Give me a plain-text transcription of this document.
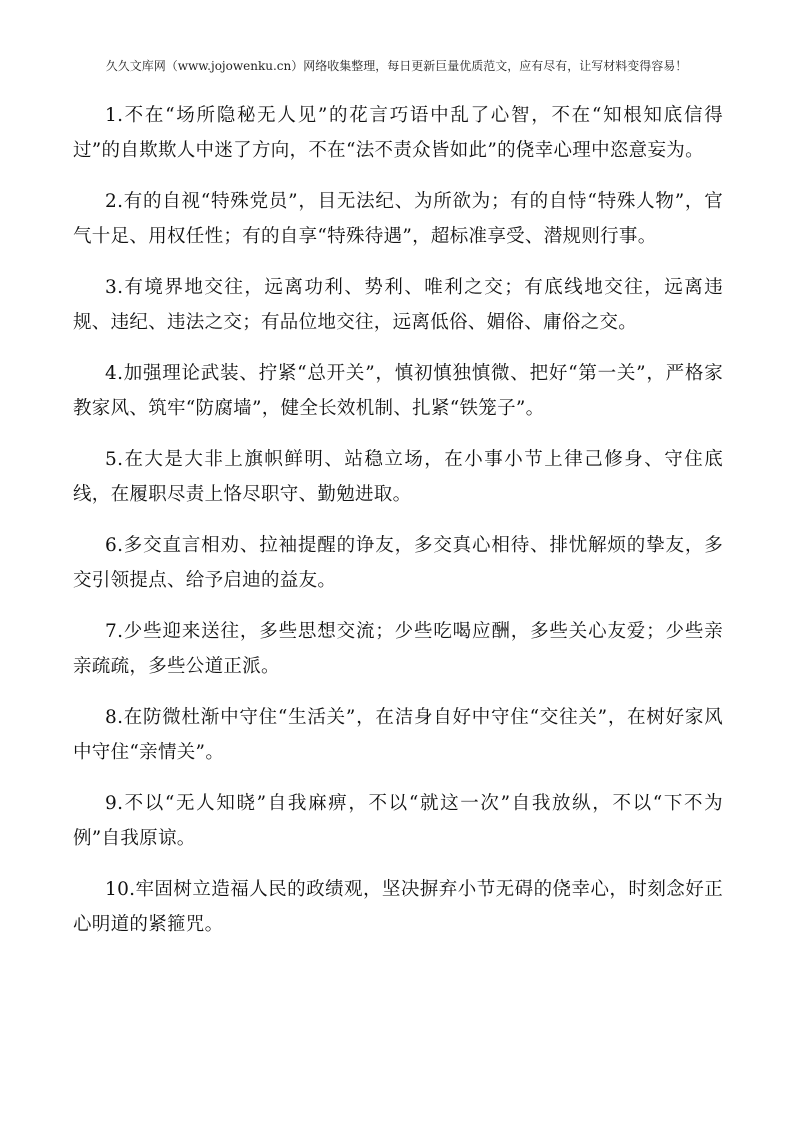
久久文库网（www.jojowenku.cn）网络收集整理，每日更新巨量优质范文，应有尽有，让写材料变得容易！

1.不在“场所隐秘无人见”的花言巧语中乱了心智，不在“知根知底信得过”的自欺欺人中迷了方向，不在“法不责众皆如此”的侥幸心理中恣意妄为。

2.有的自视“特殊党员”，目无法纪、为所欲为；有的自恃“特殊人物”，官气十足、用权任性；有的自享“特殊待遇”，超标准享受、潜规则行事。

3.有境界地交往，远离功利、势利、唯利之交；有底线地交往，远离违规、违纪、违法之交；有品位地交往，远离低俗、媚俗、庸俗之交。

4.加强理论武装、拧紧“总开关”，慎初慎独慎微、把好“第一关”，严格家教家风、筑牢“防腐墙”，健全长效机制、扎紧“铁笼子”。

5.在大是大非上旗帜鲜明、站稳立场，在小事小节上律己修身、守住底线，在履职尽责上恪尽职守、勤勉进取。

6.多交直言相劝、拉袖提醒的诤友，多交真心相待、排忧解烦的挚友，多交引领提点、给予启迪的益友。

7.少些迎来送往，多些思想交流；少些吃喝应酬，多些关心友爱；少些亲亲疏疏，多些公道正派。

8.在防微杜渐中守住“生活关”，在洁身自好中守住“交往关”，在树好家风中守住“亲情关”。

9.不以“无人知晓”自我麻痹，不以“就这一次”自我放纵，不以“下不为例”自我原谅。

10.牢固树立造福人民的政绩观，坚决摒弃小节无碍的侥幸心，时刻念好正心明道的紧箍咒。
